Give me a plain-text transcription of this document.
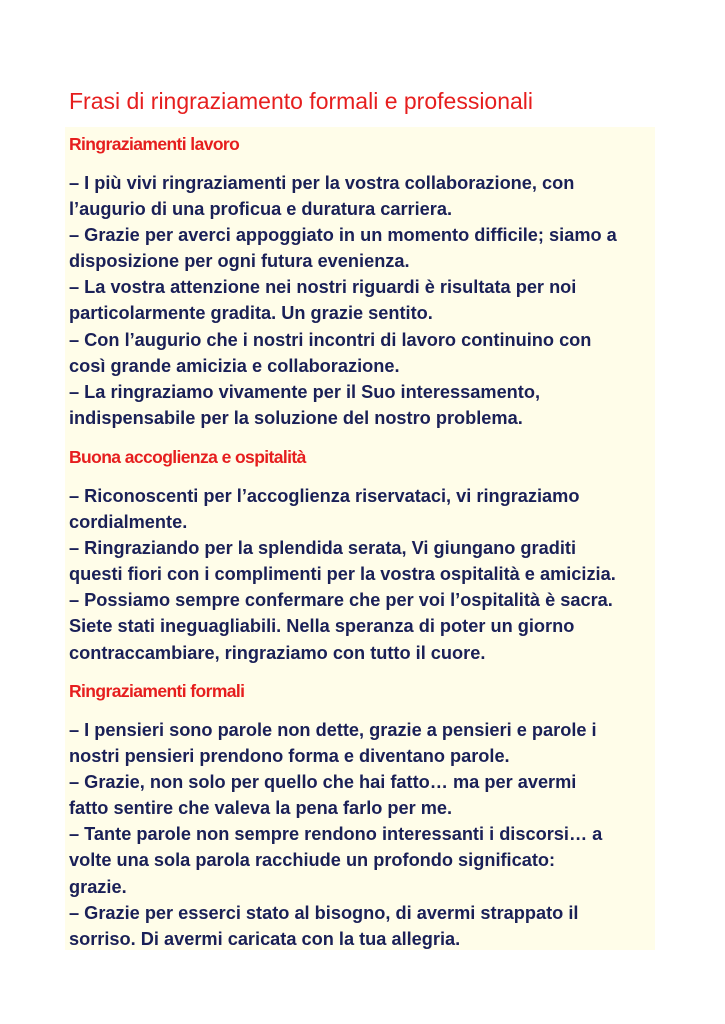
Frasi di ringraziamento formali e professionali
Ringraziamenti lavoro
– I più vivi ringraziamenti per la vostra collaborazione, con
l’augurio di una proficua e duratura carriera.
– Grazie per averci appoggiato in un momento difficile; siamo a
disposizione per ogni futura evenienza.
– La vostra attenzione nei nostri riguardi è risultata per noi
particolarmente gradita. Un grazie sentito.
– Con l’augurio che i nostri incontri di lavoro continuino con
così grande amicizia e collaborazione.
– La ringraziamo vivamente per il Suo interessamento,
indispensabile per la soluzione del nostro problema.
Buona accoglienza e ospitalità
– Riconoscenti per l’accoglienza riservataci, vi ringraziamo
cordialmente.
– Ringraziando per la splendida serata, Vi giungano graditi
questi fiori con i complimenti per la vostra ospitalità e amicizia.
– Possiamo sempre confermare che per voi l’ospitalità è sacra.
Siete stati ineguagliabili. Nella speranza di poter un giorno
contraccambiare, ringraziamo con tutto il cuore.
Ringraziamenti formali
– I pensieri sono parole non dette, grazie a pensieri e parole i
nostri pensieri prendono forma e diventano parole.
– Grazie, non solo per quello che hai fatto… ma per avermi
fatto sentire che valeva la pena farlo per me.
– Tante parole non sempre rendono interessanti i discorsi… a
volte una sola parola racchiude un profondo significato:
grazie.
– Grazie per esserci stato al bisogno, di avermi strappato il
sorriso. Di avermi caricata con la tua allegria.
